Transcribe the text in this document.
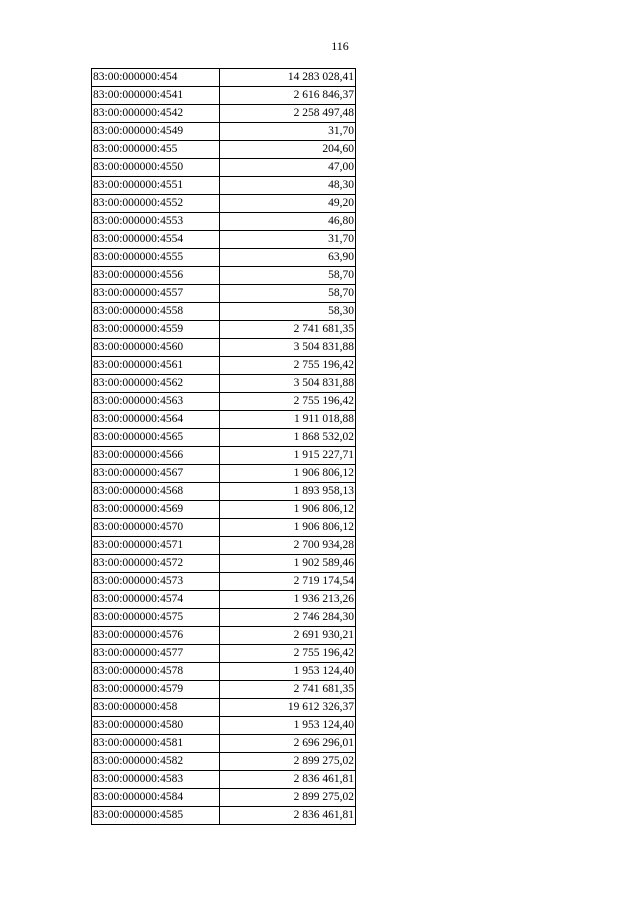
116
83:00:000000:454	14 283 028,41
83:00:000000:4541	2 616 846,37
83:00:000000:4542	2 258 497,48
83:00:000000:4549	31,70
83:00:000000:455	204,60
83:00:000000:4550	47,00
83:00:000000:4551	48,30
83:00:000000:4552	49,20
83:00:000000:4553	46,80
83:00:000000:4554	31,70
83:00:000000:4555	63,90
83:00:000000:4556	58,70
83:00:000000:4557	58,70
83:00:000000:4558	58,30
83:00:000000:4559	2 741 681,35
83:00:000000:4560	3 504 831,88
83:00:000000:4561	2 755 196,42
83:00:000000:4562	3 504 831,88
83:00:000000:4563	2 755 196,42
83:00:000000:4564	1 911 018,88
83:00:000000:4565	1 868 532,02
83:00:000000:4566	1 915 227,71
83:00:000000:4567	1 906 806,12
83:00:000000:4568	1 893 958,13
83:00:000000:4569	1 906 806,12
83:00:000000:4570	1 906 806,12
83:00:000000:4571	2 700 934,28
83:00:000000:4572	1 902 589,46
83:00:000000:4573	2 719 174,54
83:00:000000:4574	1 936 213,26
83:00:000000:4575	2 746 284,30
83:00:000000:4576	2 691 930,21
83:00:000000:4577	2 755 196,42
83:00:000000:4578	1 953 124,40
83:00:000000:4579	2 741 681,35
83:00:000000:458	19 612 326,37
83:00:000000:4580	1 953 124,40
83:00:000000:4581	2 696 296,01
83:00:000000:4582	2 899 275,02
83:00:000000:4583	2 836 461,81
83:00:000000:4584	2 899 275,02
83:00:000000:4585	2 836 461,81
